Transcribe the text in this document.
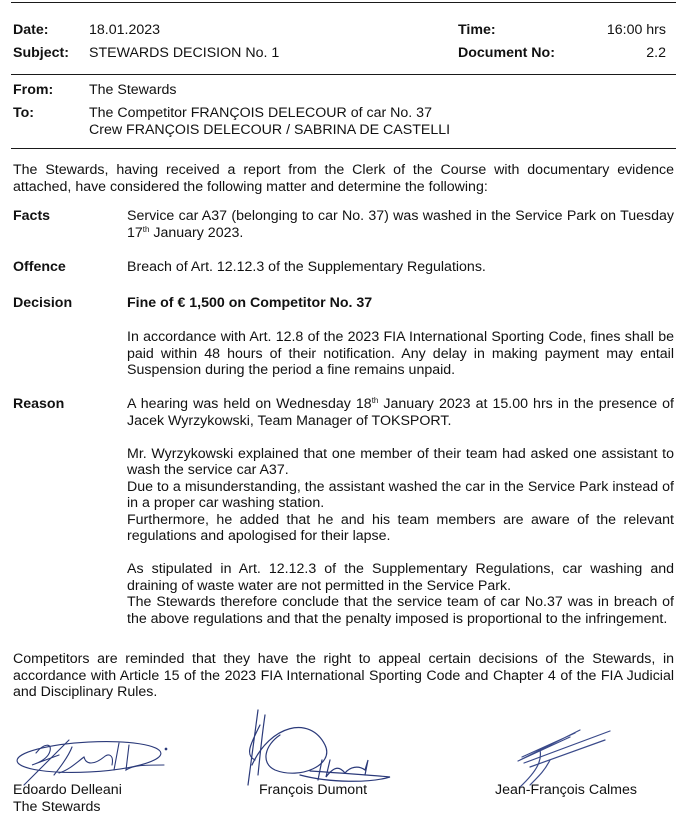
Date:	18.01.2023	Time:	16:00 hrs
Subject: STEWARDS DECISION No. 1	Document No:	2.2
From:	The Stewards
To:	The Competitor FRANÇOIS DELECOUR of car No. 37
Crew FRANÇOIS DELECOUR / SABRINA DE CASTELLI
The Stewards, having received a report from the Clerk of the Course with documentary evidence attached, have considered the following matter and determine the following:
Facts	Service car A37 (belonging to car No. 37) was washed in the Service Park on Tuesday 17th January 2023.
Offence	Breach of Art. 12.12.3 of the Supplementary Regulations.
Decision	Fine of € 1,500 on Competitor No. 37
In accordance with Art. 12.8 of the 2023 FIA International Sporting Code, fines shall be paid within 48 hours of their notification. Any delay in making payment may entail Suspension during the period a fine remains unpaid.
Reason	A hearing was held on Wednesday 18th January 2023 at 15.00 hrs in the presence of Jacek Wyrzykowski, Team Manager of TOKSPORT.

Mr. Wyrzykowski explained that one member of their team had asked one assistant to wash the service car A37.

Due to a misunderstanding, the assistant washed the car in the Service Park instead of in a proper car washing station.

Furthermore, he added that he and his team members are aware of the relevant regulations and apologised for their lapse.

As stipulated in Art. 12.12.3 of the Supplementary Regulations, car washing and draining of waste water are not permitted in the Service Park.

The Stewards therefore conclude that the service team of car No.37 was in breach of the above regulations and that the penalty imposed is proportional to the infringement.

Competitors are reminded that they have the right to appeal certain decisions of the Stewards, in accordance with Article 15 of the 2023 FIA International Sporting Code and Chapter 4 of the FIA Judicial and Disciplinary Rules.
Edoardo Delleani
The Stewards
François Dumont	Jean-François Calmes
